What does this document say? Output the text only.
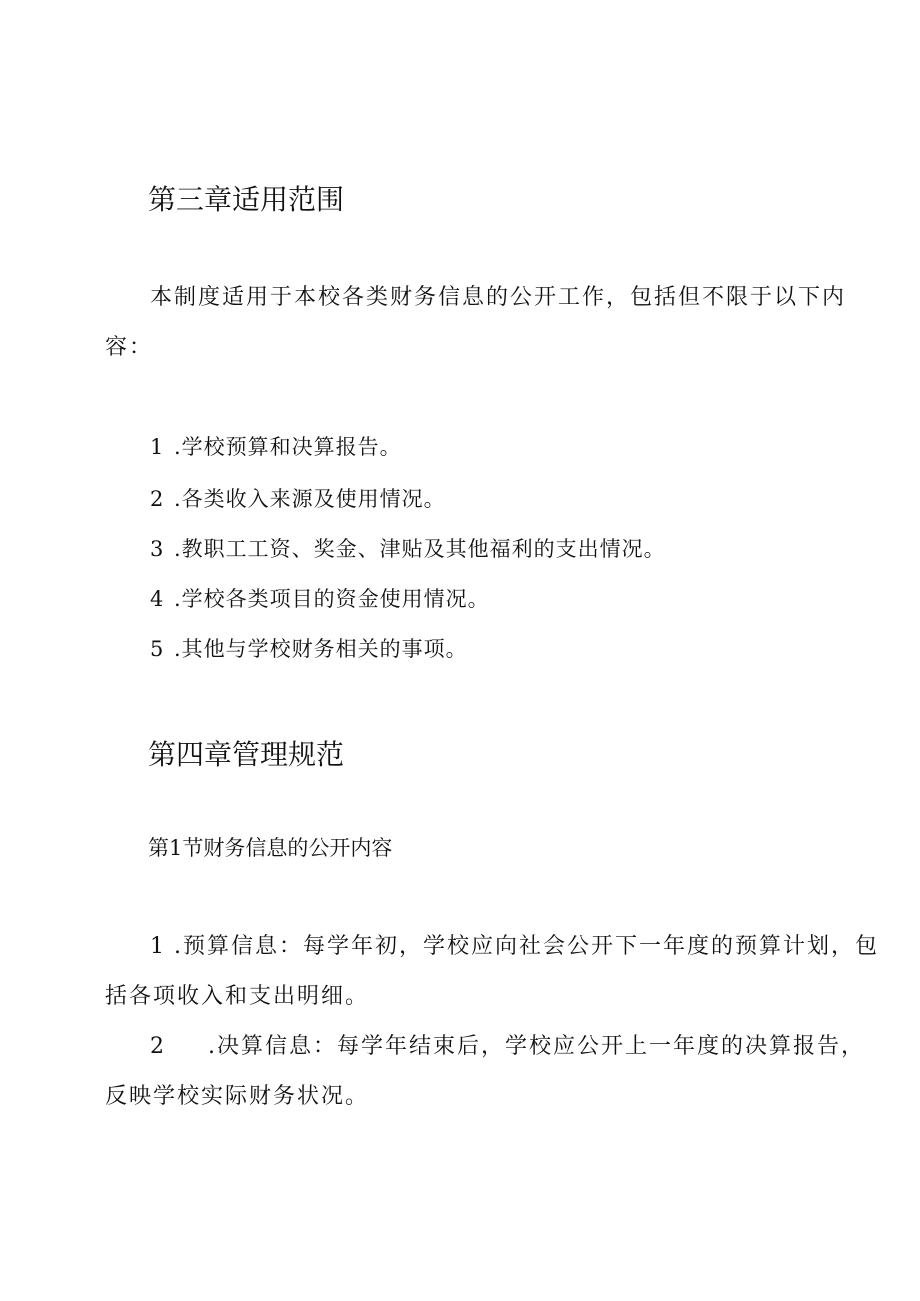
第三章适用范围
本制度适用于本校各类财务信息的公开工作，包括但不限于以下内
容：
1 .学校预算和决算报告。
2 .各类收入来源及使用情况。
3 .教职工工资、奖金、津贴及其他福利的支出情况。
4 .学校各类项目的资金使用情况。
5 .其他与学校财务相关的事项。
第四章管理规范
第1节财务信息的公开内容
1 .预算信息：每学年初，学校应向社会公开下一年度的预算计划，包
括各项收入和支出明细。
2 .决算信息：每学年结束后，学校应公开上一年度的决算报告，
反映学校实际财务状况。
